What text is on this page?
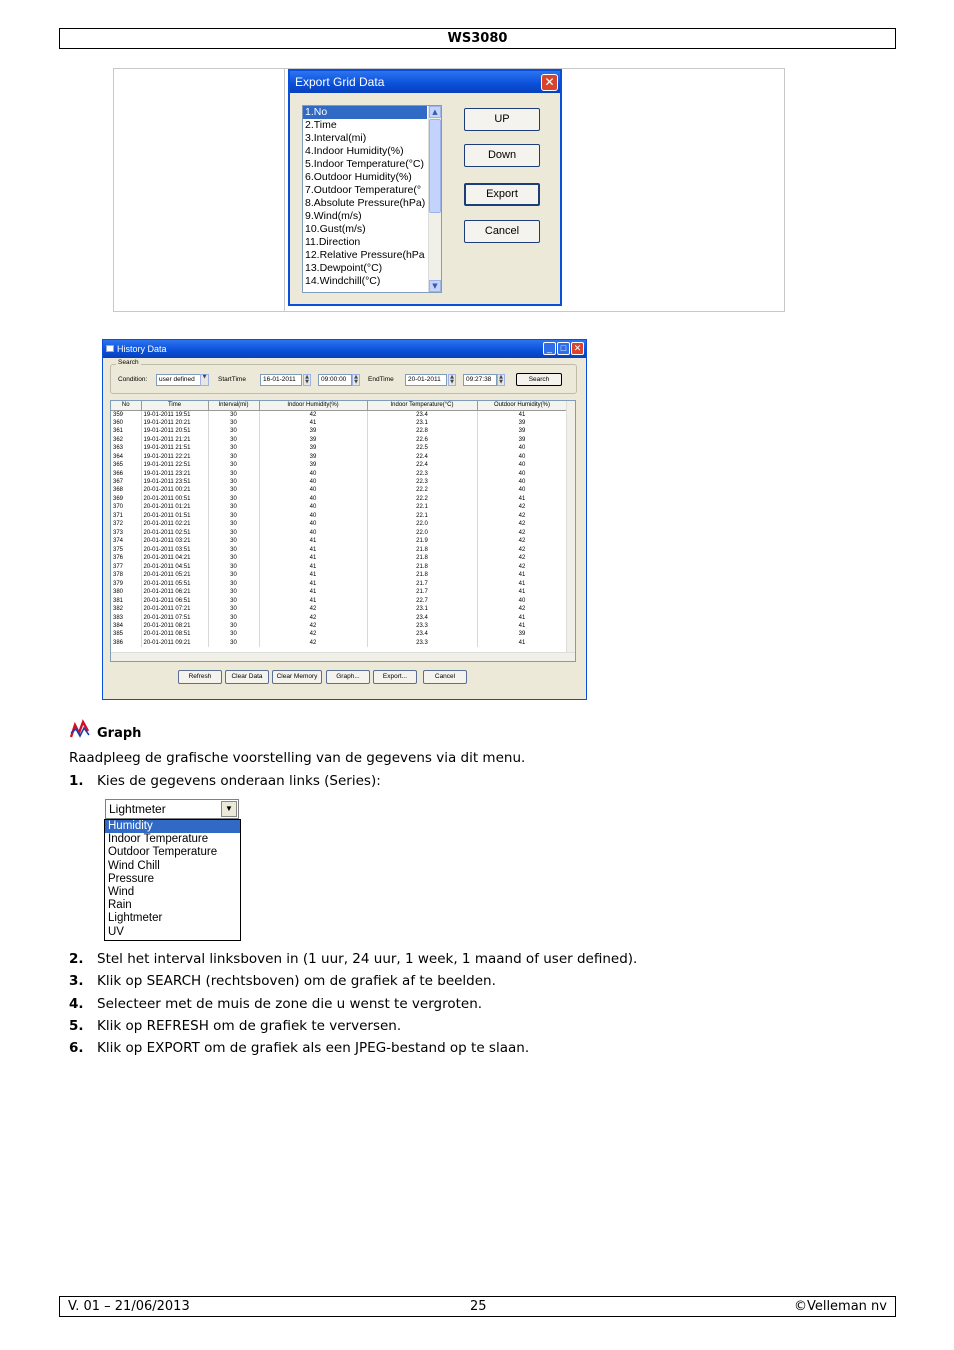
WS3080
Export Grid Data	✕
1.No
2.Time
3.Interval(mi)
4.Indoor Humidity(%)
5.Indoor Temperature(°C)
6.Outdoor Humidity(%)
7.Outdoor Temperature(°
8.Absolute Pressure(hPa)
9.Wind(m/s)
10.Gust(m/s)
11.Direction
12.Relative Pressure(hPa
13.Dewpoint(°C)
14.Windchill(°C)
▲
▼
UP
Down
Export
Cancel
History Data	_ □ ✕
Search
Condition:	user defined	▼	StartTime	16-01-2011	▲
▼	09:00:00	▲
▼	EndTime	20-01-2011	▲
▼	09:27:38	▲
▼	Search
No	Time	Interval(mi)	Indoor Humidity(%)	Indoor Temperature(°C)	Outdoor Humidity(%)
359	19-01-2011 19:51	30	42	23.4	41
360	19-01-2011 20:21	30	41	23.1	39
361	19-01-2011 20:51	30	39	22.8	39
362	19-01-2011 21:21	30	39	22.6	39
363	19-01-2011 21:51	30	39	22.5	40
364	19-01-2011 22:21	30	39	22.4	40
365	19-01-2011 22:51	30	39	22.4	40
366	19-01-2011 23:21	30	40	22.3	40
367	19-01-2011 23:51	30	40	22.3	40
368	20-01-2011 00:21	30	40	22.2	40
369	20-01-2011 00:51	30	40	22.2	41
370	20-01-2011 01:21	30	40	22.1	42
371	20-01-2011 01:51	30	40	22.1	42
372	20-01-2011 02:21	30	40	22.0	42
373	20-01-2011 02:51	30	40	22.0	42
374	20-01-2011 03:21	30	41	21.9	42
375	20-01-2011 03:51	30	41	21.8	42
376	20-01-2011 04:21	30	41	21.8	42
377	20-01-2011 04:51	30	41	21.8	42
378	20-01-2011 05:21	30	41	21.8	41
379	20-01-2011 05:51	30	41	21.7	41
380	20-01-2011 06:21	30	41	21.7	41
381	20-01-2011 06:51	30	41	22.7	40
382	20-01-2011 07:21	30	42	23.1	42
383	20-01-2011 07:51	30	42	23.4	41
384	20-01-2011 08:21	30	42	23.3	41
385	20-01-2011 08:51	30	42	23.4	39
386	20-01-2011 09:21	30	42	23.3	41
Refresh	Clear Data	Clear Memory	Graph...	Export...	Cancel
Graph
Raadpleeg de grafische voorstelling van de gegevens via dit menu.
1. Kies de gegevens onderaan links (Series):
Lightmeter	▼
Humidity
Indoor Temperature
Outdoor Temperature
Wind Chill
Pressure
Wind
Rain
Lightmeter
UV
2. Stel het interval linksboven in (1 uur, 24 uur, 1 week, 1 maand of user defined).
3. Klik op SEARCH (rechtsboven) om de grafiek af te beelden.
4. Selecteer met de muis de zone die u wenst te vergroten.
5. Klik op REFRESH om de grafiek te verversen.
6. Klik op EXPORT om de grafiek als een JPEG-bestand op te slaan.
V. 01 – 21/06/2013	25	©Velleman nv
